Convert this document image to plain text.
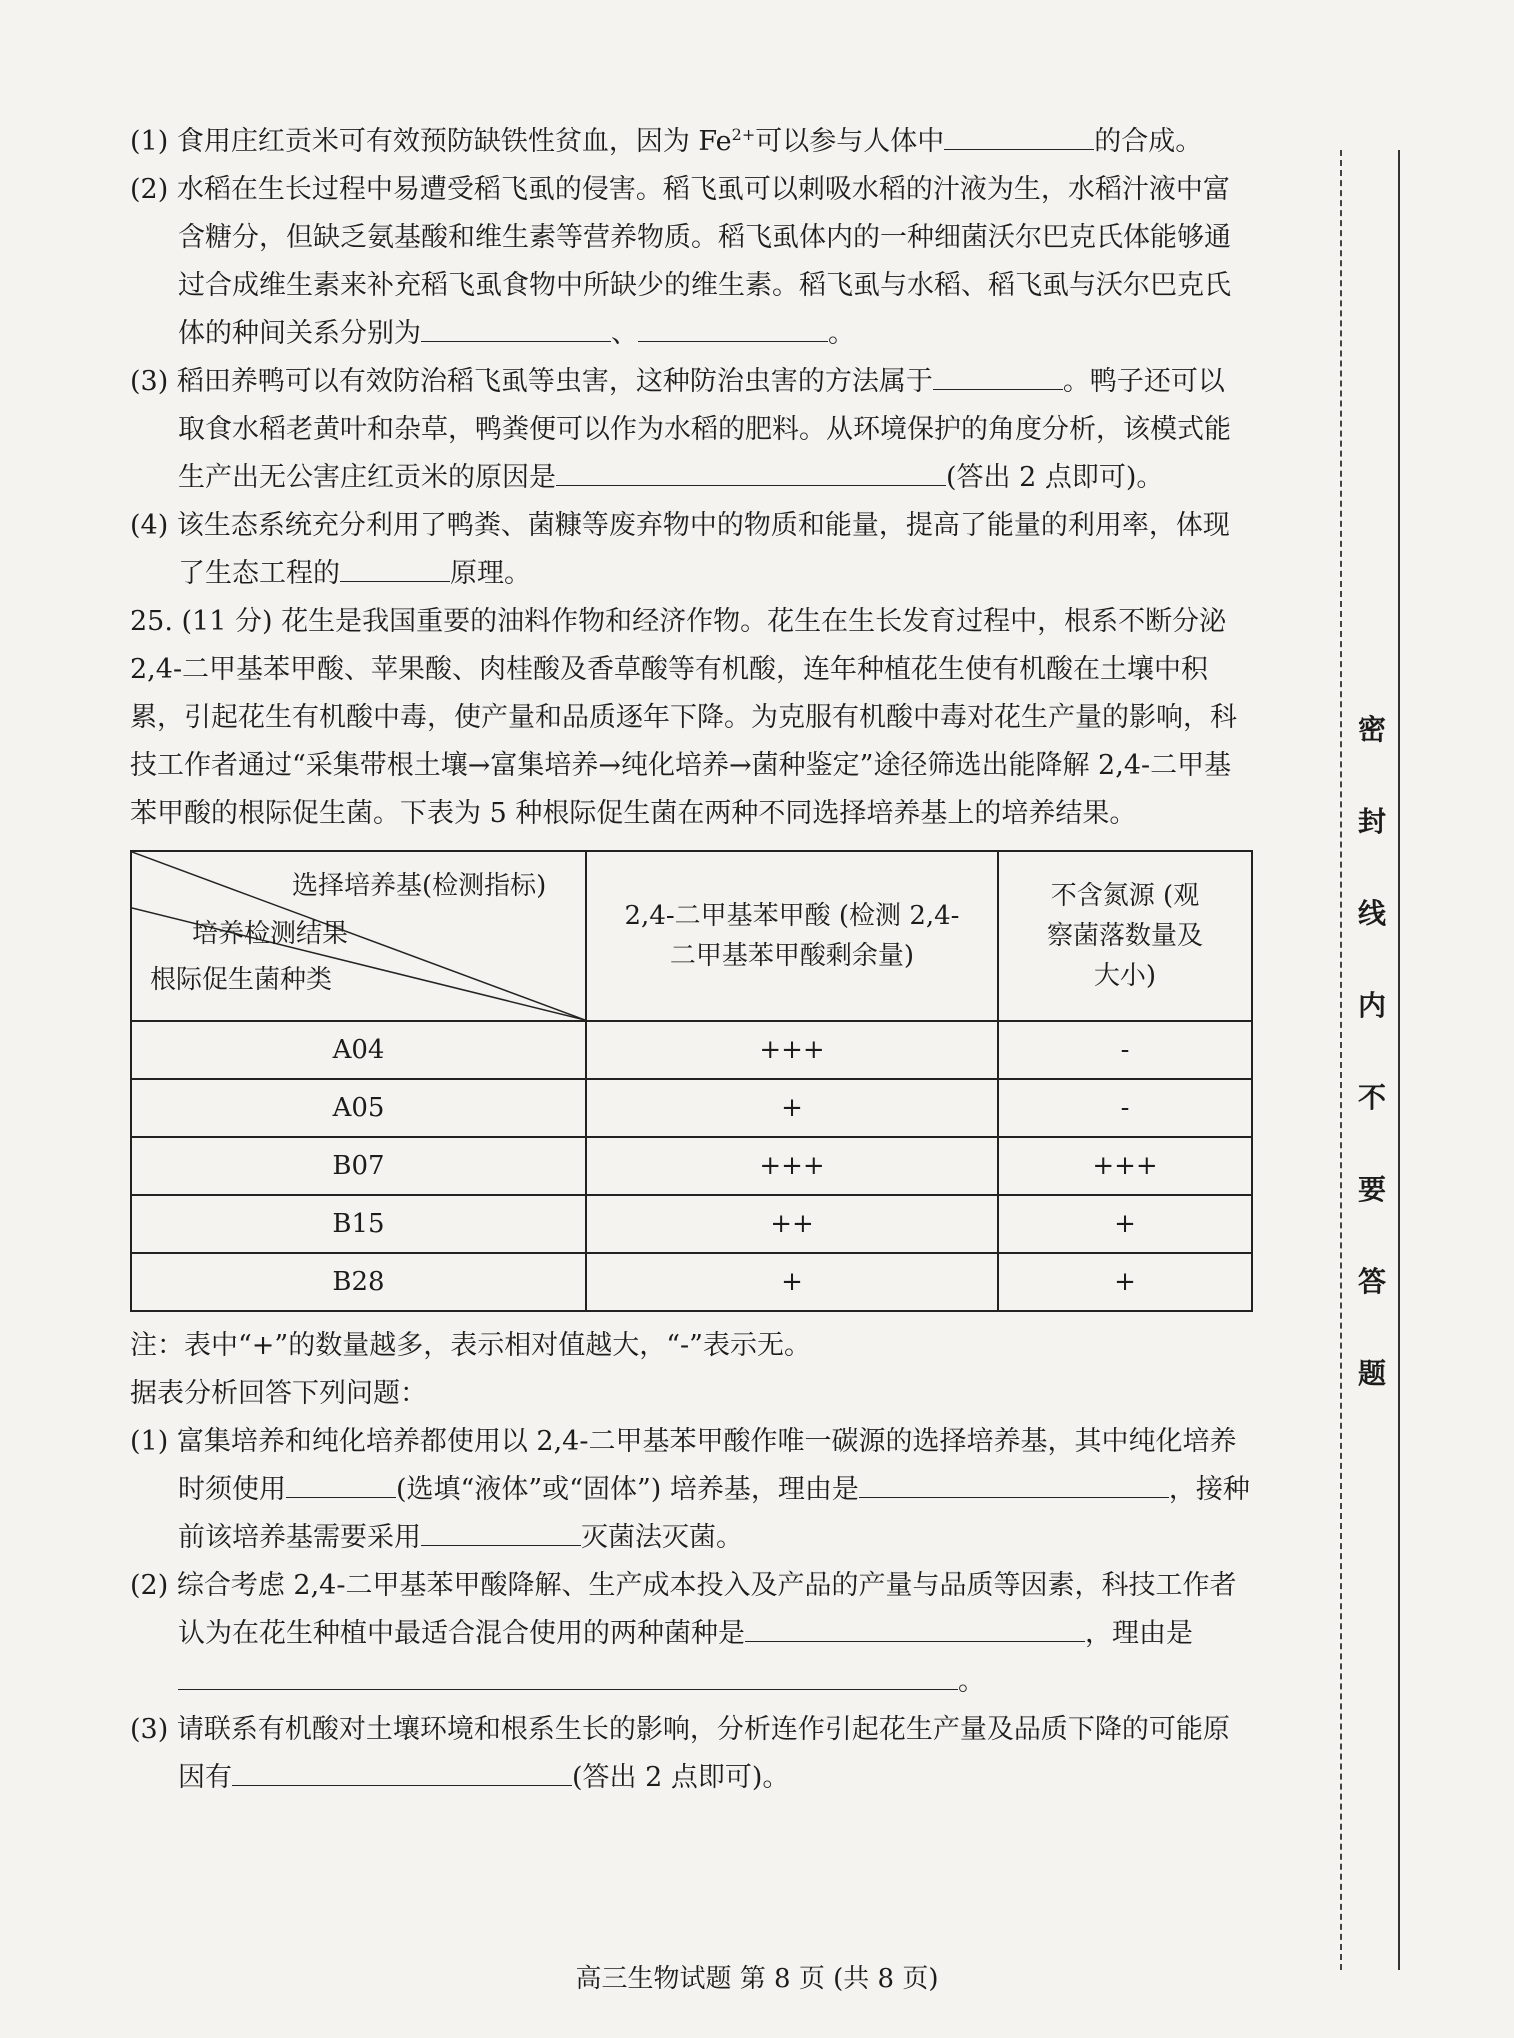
(1) 食用庄红贡米可有效预防缺铁性贫血，因为 $Fe^{2+}$可以参与人体中	的合成。

(2) 水稻在生长过程中易遭受稻飞虱的侵害。稻飞虱可以刺吸水稻的汁液为生，水稻汁液中富含糖分，但缺乏氨基酸和维生素等营养物质。稻飞虱体内的一种细菌沃尔巴克氏体能够通过合成维生素来补充稻飞虱食物中所缺少的维生素。稻飞虱与水稻、稻飞虱与沃尔巴克氏体的种间关系分别为	、	。

(3) 稻田养鸭可以有效防治稻飞虱等虫害，这种防治虫害的方法属于	。鸭子还可以取食水稻老黄叶和杂草，鸭粪便可以作为水稻的肥料。从环境保护的角度分析，该模式能生产出无公害庄红贡米的原因是	(答出 2 点即可)。

(4) 该生态系统充分利用了鸭粪、菌糠等废弃物中的物质和能量，提高了能量的利用率，体现了生态工程的	原理。

25. (11 分) 花生是我国重要的油料作物和经济作物。花生在生长发育过程中，根系不断分泌 2,4-二甲基苯甲酸、苹果酸、肉桂酸及香草酸等有机酸，连年种植花生使有机酸在土壤中积累，引起花生有机酸中毒，使产量和品质逐年下降。为克服有机酸中毒对花生产量的影响，科技工作者通过“采集带根土壤→富集培养→纯化培养→菌种鉴定”途径筛选出能降解 2,4-二甲基苯甲酸的根际促生菌。下表为 5 种根际促生菌在两种不同选择培养基上的培养结果。

选择培养基(检测指标)
培养检测结果
根际促生菌种类	2,4-二甲基苯甲酸 (检测 2,4-二甲基苯甲酸剩余量)	不含氮源 (观察菌落数量及大小)
A04	+++	-
A05	+	-
B07	+++	+++
B15	++	+
B28	+	+

注：表中“+”的数量越多，表示相对值越大，“-”表示无。

据表分析回答下列问题：

(1) 富集培养和纯化培养都使用以 2,4-二甲基苯甲酸作唯一碳源的选择培养基，其中纯化培养时须使用	(选填“液体”或“固体”) 培养基，理由是	，接种前该培养基需要采用	灭菌法灭菌。

(2) 综合考虑 2,4-二甲基苯甲酸降解、生产成本投入及产品的产量与品质等因素，科技工作者认为在花生种植中最适合混合使用的两种菌种是	，理由是。

(3) 请联系有机酸对土壤环境和根系生长的影响，分析连作引起花生产量及品质下降的可能原因有	(答出 2 点即可)。

密
封
线
内
不
要
答
题
高三生物试题 第 8 页 (共 8 页)
